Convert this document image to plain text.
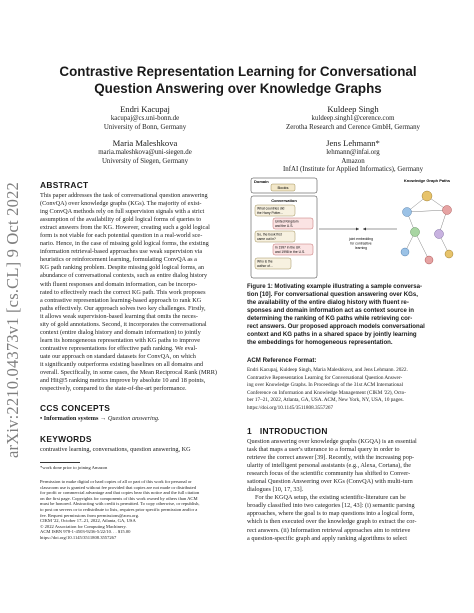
arXiv:2210.04373v1 [cs.CL] 9 Oct 2022
Contrastive Representation Learning for Conversational
Question Answering over Knowledge Graphs
Endri Kacupaj
kacupaj@cs.uni-bonn.de
University of Bonn, Germany
Kuldeep Singh
kuldeep.singh1@cerence.com
Zerotha Research and Cerence GmbH, Germany
Maria Maleshkova
maria.maleshkova@uni-siegen.de
University of Siegen, Germany
Jens Lehmann*
lehmann@infai.org
Amazon
InfAI (Institute for Applied Informatics), Germany
ABSTRACT
This paper addresses the task of conversational question answering
(ConvQA) over knowledge graphs (KGs). The majority of exist-
ing ConvQA methods rely on full supervision signals with a strict
assumption of the availability of gold logical forms of queries to
extract answers from the KG. However, creating such a gold logical
form is not viable for each potential question in a real-world sce-
nario. Hence, in the case of missing gold logical forms, the existing
information retrieval-based approaches use weak supervision via
heuristics or reinforcement learning, formulating ConvQA as a
KG path ranking problem. Despite missing gold logical forms, an
abundance of conversational contexts, such as entire dialog history
with fluent responses and domain information, can be incorpo-
rated to effectively reach the correct KG path. This work proposes
a contrastive representation learning-based approach to rank KG
paths effectively. Our approach solves two key challenges. Firstly,
it allows weak supervision-based learning that omits the neces-
sity of gold annotations. Second, it incorporates the conversational
context (entire dialog history and domain information) to jointly
learn its homogeneous representation with KG paths to improve
contrastive representations for effective path ranking. We eval-
uate our approach on standard datasets for ConvQA, on which
it significantly outperforms existing baselines on all domains and
overall. Specifically, in some cases, the Mean Reciprocal Rank (MRR)
and Hit@5 ranking metrics improve by absolute 10 and 18 points,
respectively, compared to the state-of-the-art performance.
CCS CONCEPTS
• Information systems → Question answering.
KEYWORDS
contrastive learning, conversations, question answering, KG
*work done prior to joining Amazon
Permission to make digital or hard copies of all or part of this work for personal or
classroom use is granted without fee provided that copies are not made or distributed
for profit or commercial advantage and that copies bear this notice and the full citation
on the first page. Copyrights for components of this work owned by others than ACM
must be honored. Abstracting with credit is permitted. To copy otherwise, or republish,
to post on servers or to redistribute to lists, requires prior specific permission and/or a
fee. Request permissions from permissions@acm.org.
CIKM '22, October 17–21, 2022, Atlanta, GA, USA
© 2022 Association for Computing Machinery.
ACM ISBN 978-1-4503-9236-5/22/10. . . $15.00
https://doi.org/10.1145/3511808.3557267
Domain
Books
Conversation
What countries did
the Harry Potter...
United Kingdom
and the U.S.
So, the book first
came out in?
In 1997 in the UK
and 1998 in the U.S.
Who is the
author of...
joint embedding
for contrastive
learning
Knowledge Graph Paths
Figure 1: Motivating example illustrating a sample conversa-
tion [10]. For conversational question answering over KGs,
the availability of the entire dialog history with fluent re-
sponses and domain information act as context source in
determining the ranking of KG paths while retrieving cor-
rect answers. Our proposed approach models conversational
context and KG paths in a shared space by jointly learning
the embeddings for homogeneous representation.
ACM Reference Format:
Endri Kacupaj, Kuldeep Singh, Maria Maleshkova, and Jens Lehmann. 2022.
Contrastive Representation Learning for Conversational Question Answer-
ing over Knowledge Graphs. In Proceedings of the 31st ACM International
Conference on Information and Knowledge Management (CIKM '22), Octo-
ber 17–21, 2022, Atlanta, GA, USA. ACM, New York, NY, USA, 10 pages.
https://doi.org/10.1145/3511808.3557267
1 INTRODUCTION
Question answering over knowledge graphs (KGQA) is an essential
task that maps a user's utterance to a formal query in order to
retrieve the correct answer [39]. Recently, with the increasing pop-
ularity of intelligent personal assistants (e.g., Alexa, Cortana), the
research focus of the scientific community has shifted to Conver-
sational Question Answering over KGs (ConvQA) with multi-turn
dialogues [10, 17, 33].
For the KGQA setup, the existing scientific-literature can be
broadly classified into two categories [12, 43]: (i) semantic parsing
approaches, where the goal is to map questions into a logical form,
which is then executed over the knowledge graph to extract the cor-
rect answers. (ii) Information retrieval approaches aim to retrieve
a question-specific graph and apply ranking algorithms to select
